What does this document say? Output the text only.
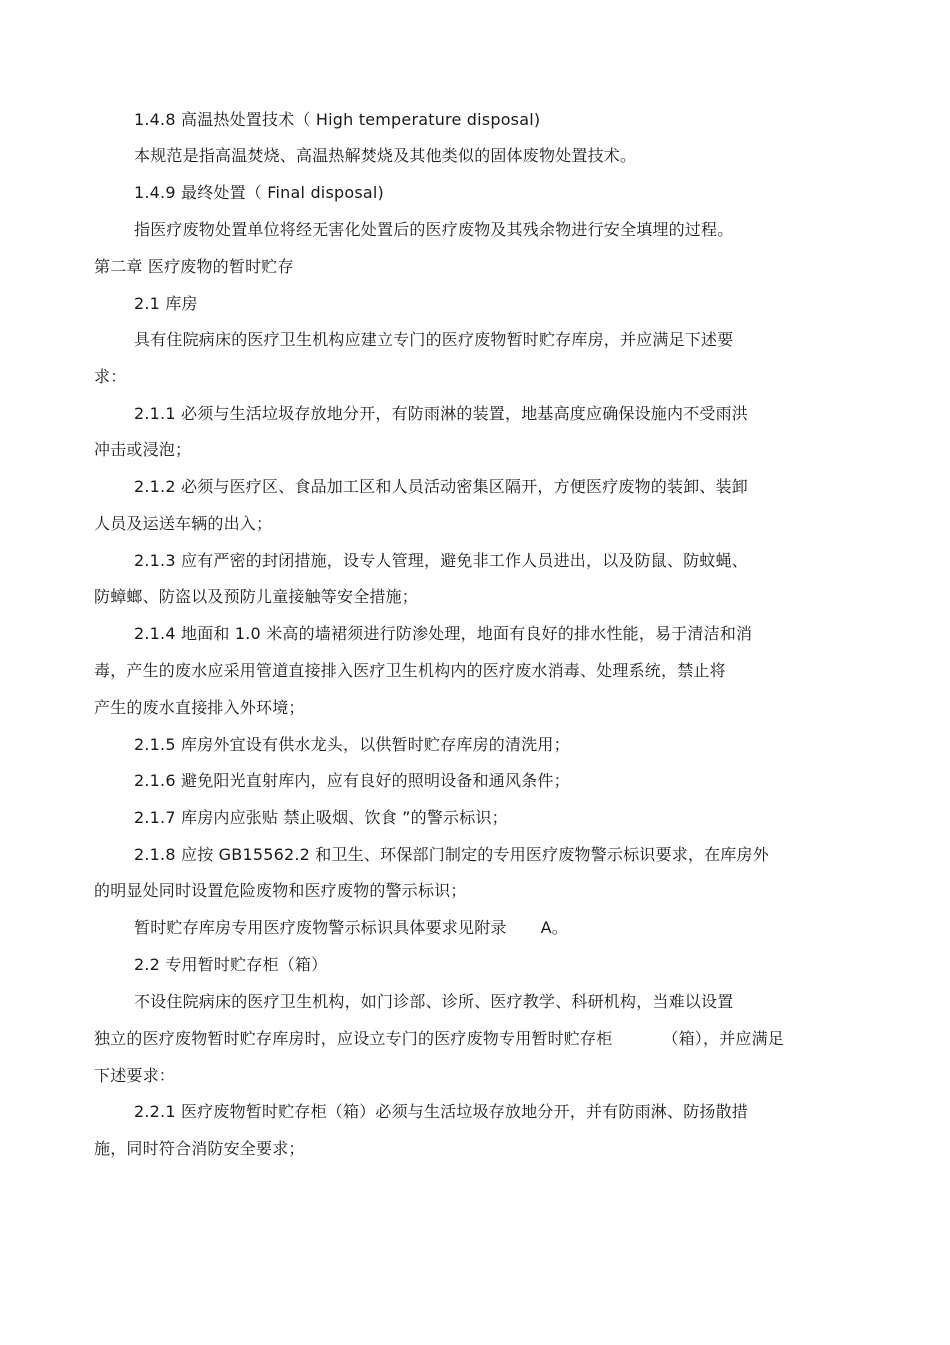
1.4.8 高温热处置技术（ High temperature disposal)
本规范是指高温焚烧、高温热解焚烧及其他类似的固体废物处置技术。
1.4.9 最终处置（ Final disposal)
指医疗废物处置单位将经无害化处置后的医疗废物及其残余物进行安全填埋的过程。
第二章 医疗废物的暂时贮存
2.1 库房
具有住院病床的医疗卫生机构应建立专门的医疗废物暂时贮存库房，并应满足下述要
求：
2.1.1 必须与生活垃圾存放地分开，有防雨淋的装置，地基高度应确保设施内不受雨洪
冲击或浸泡；
2.1.2 必须与医疗区、食品加工区和人员活动密集区隔开，方便医疗废物的装卸、装卸
人员及运送车辆的出入；
2.1.3 应有严密的封闭措施，设专人管理，避免非工作人员进出，以及防鼠、防蚊蝇、
防蟑螂、防盗以及预防儿童接触等安全措施；
2.1.4 地面和 1.0 米高的墙裙须进行防渗处理，地面有良好的排水性能，易于清洁和消
毒，产生的废水应采用管道直接排入医疗卫生机构内的医疗废水消毒、处理系统，禁止将
产生的废水直接排入外环境；
2.1.5 库房外宜设有供水龙头，以供暂时贮存库房的清洗用；
2.1.6 避免阳光直射库内，应有良好的照明设备和通风条件；
2.1.7 库房内应张贴 禁止吸烟、饮食 ”的警示标识；
2.1.8 应按 GB15562.2 和卫生、环保部门制定的专用医疗废物警示标识要求，在库房外
的明显处同时设置危险废物和医疗废物的警示标识；
暂时贮存库房专用医疗废物警示标识具体要求见附录 A。
2.2 专用暂时贮存柜（箱）
不设住院病床的医疗卫生机构，如门诊部、诊所、医疗教学、科研机构，当难以设置
独立的医疗废物暂时贮存库房时，应设立专门的医疗废物专用暂时贮存柜	（箱），并应满足
下述要求：
2.2.1 医疗废物暂时贮存柜（箱）必须与生活垃圾存放地分开，并有防雨淋、防扬散措
施，同时符合消防安全要求；
